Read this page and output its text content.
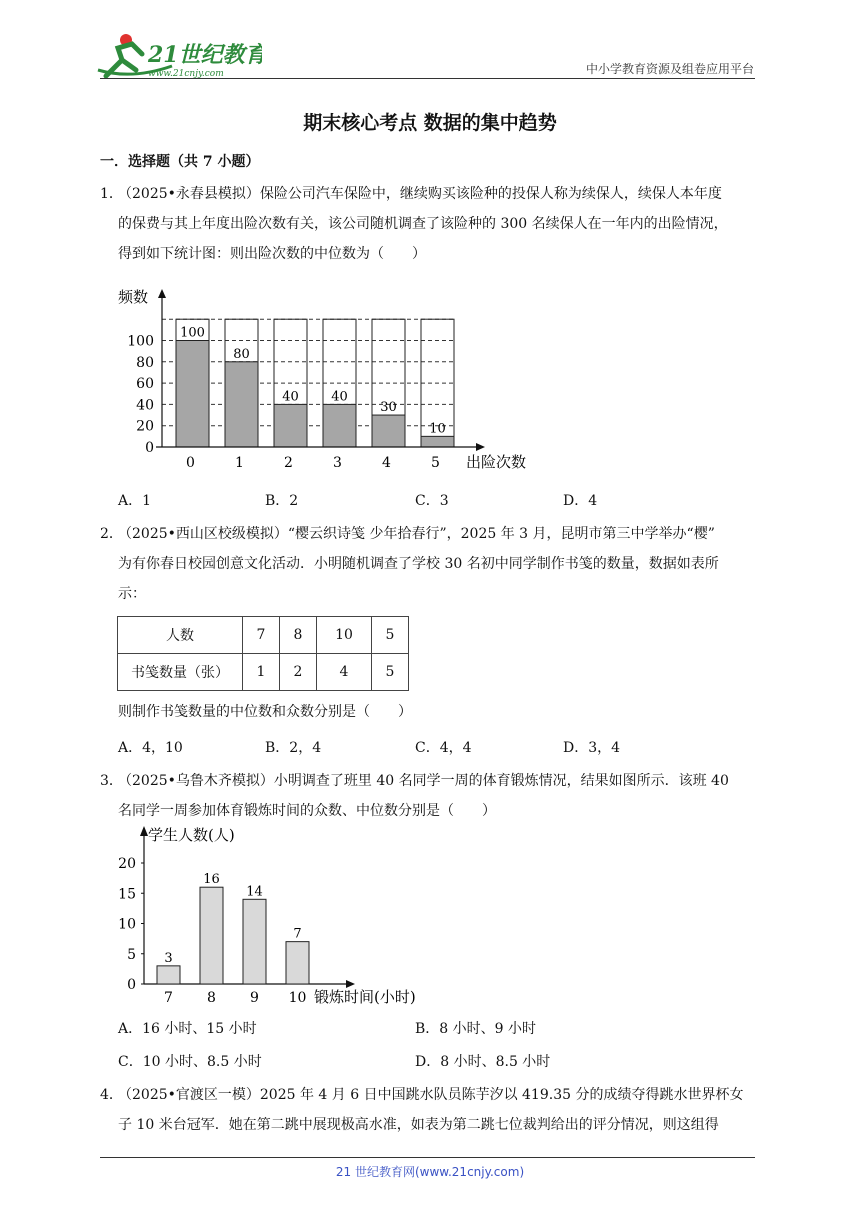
21世纪教育
www.21cnjy.com	中小学教育资源及组卷应用平台
期末核心考点 数据的集中趋势
一．选择题（共 7 小题）
1．
（2025•永春县模拟）保险公司汽车保险中，继续购买该险种的投保人称为续保人，续保人本年度
的保费与其上年度出险次数有关，该公司随机调查了该险种的 300 名续保人在一年内的出险情况，
得到如下统计图：则出险次数的中位数为（　　）
100
0
80
1
40
2
40
3
30
4
10
5
0
20
40
60
80
100
频数
出险次数
A．1	B．2	C．3	D．4
2．
（2025•西山区校级模拟）“樱云织诗笺 少年拾春行”，2025 年 3 月，昆明市第三中学举办“樱”
为有你春日校园创意文化活动．小明随机调查了学校 30 名初中同学制作书笺的数量，数据如表所
示：
人数	7	8	10	5
书笺数量（张）	1	2	4	5
则制作书笺数量的中位数和众数分别是（　　）
A．4，10	B．2，4	C．4，4	D．3，4
3．
（2025•乌鲁木齐模拟）小明调查了班里 40 名同学一周的体育锻炼情况，结果如图所示．该班 40
名同学一周参加体育锻炼时间的众数、中位数分别是（　　）
0
5
10
15
20
3
7
16
8
14
9
7
10
学生人数(人)
锻炼时间(小时)
A．16 小时、15 小时	B．8 小时、9 小时
C．10 小时、8.5 小时	D．8 小时、8.5 小时
4．
（2025•官渡区一模）2025 年 4 月 6 日中国跳水队员陈芋汐以 419.35 分的成绩夺得跳水世界杯女
子 10 米台冠军．她在第二跳中展现极高水准，如表为第二跳七位裁判给出的评分情况，则这组得
21 世纪教育网(www.21cnjy.com)
